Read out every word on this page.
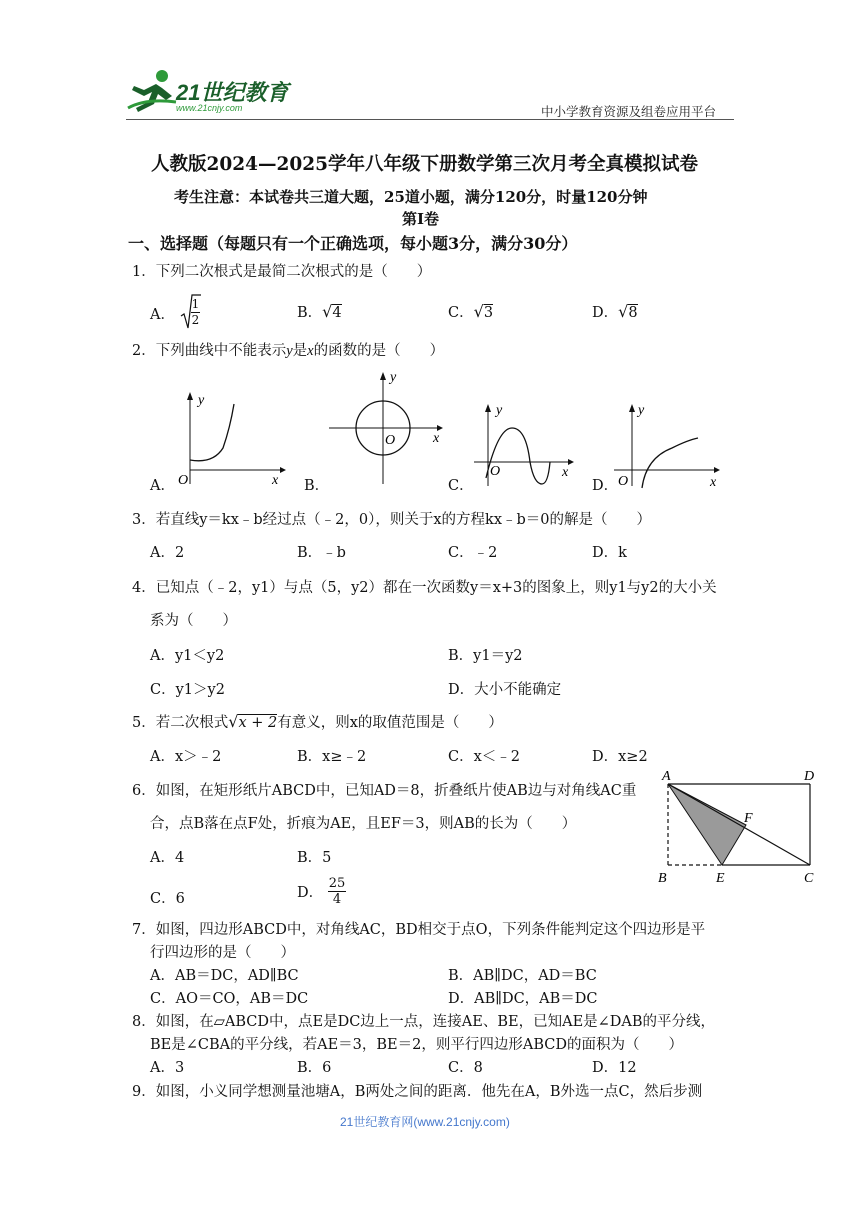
21世纪教育
www.21cnjy.com	中小学教育资源及组卷应用平台
人教版2024—2025学年八年级下册数学第三次月考全真模拟试卷
考生注意：本试卷共三道大题，25道小题，满分120分，时量120分钟
第Ⅰ卷
一、选择题（每题只有一个正确选项，每小题3分，满分30分）
1．下列二次根式是最简二次根式的是（　　）
A． $\frac{1}{2}$	B．√4	C．√3	D．√8
2．下列曲线中不能表示y是x的函数的是（　　）
y
x
O
A．
y
x
O
B．
y
x
O
C．
y
x
O
D．
3．若直线y＝kx﹣b经过点（﹣2，0），则关于x的方程kx﹣b＝0的解是（　　）
A．2	B．﹣b	C．﹣2	D．k
4．已知点（﹣2，y1）与点（5，y2）都在一次函数y＝x+3的图象上，则y1与y2的大小关
系为（　　）
A．y1＜y2	B．y1＝y2
C．y1＞y2	D．大小不能确定
5．若二次根式√x + 2有意义，则x的取值范围是（　　）
A．x＞﹣2	B．x≥﹣2	C．x＜﹣2	D．x≥2
6．如图，在矩形纸片ABCD中，已知AD＝8，折叠纸片使AB边与对角线AC重
合，点B落在点F处，折痕为AE，且EF＝3，则AB的长为（　　）
A．4	B．5
C．6	D． $\frac{25}{4}$
A	D
B	E	C
F
7．如图，四边形ABCD中，对角线AC，BD相交于点O，下列条件能判定这个四边形是平
行四边形的是（　　）
A．AB＝DC，AD∥BC	B．AB∥DC，AD＝BC
C．AO＝CO，AB＝DC	D．AB∥DC，AB＝DC
8．如图，在▱ABCD中，点E是DC边上一点，连接AE、BE，已知AE是∠DAB的平分线，
BE是∠CBA的平分线，若AE＝3，BE＝2，则平行四边形ABCD的面积为（　　）
A．3	B．6	C．8	D．12
9．如图，小义同学想测量池塘A，B两处之间的距离．他先在A，B外选一点C，然后步测
21世纪教育网(www.21cnjy.com)
